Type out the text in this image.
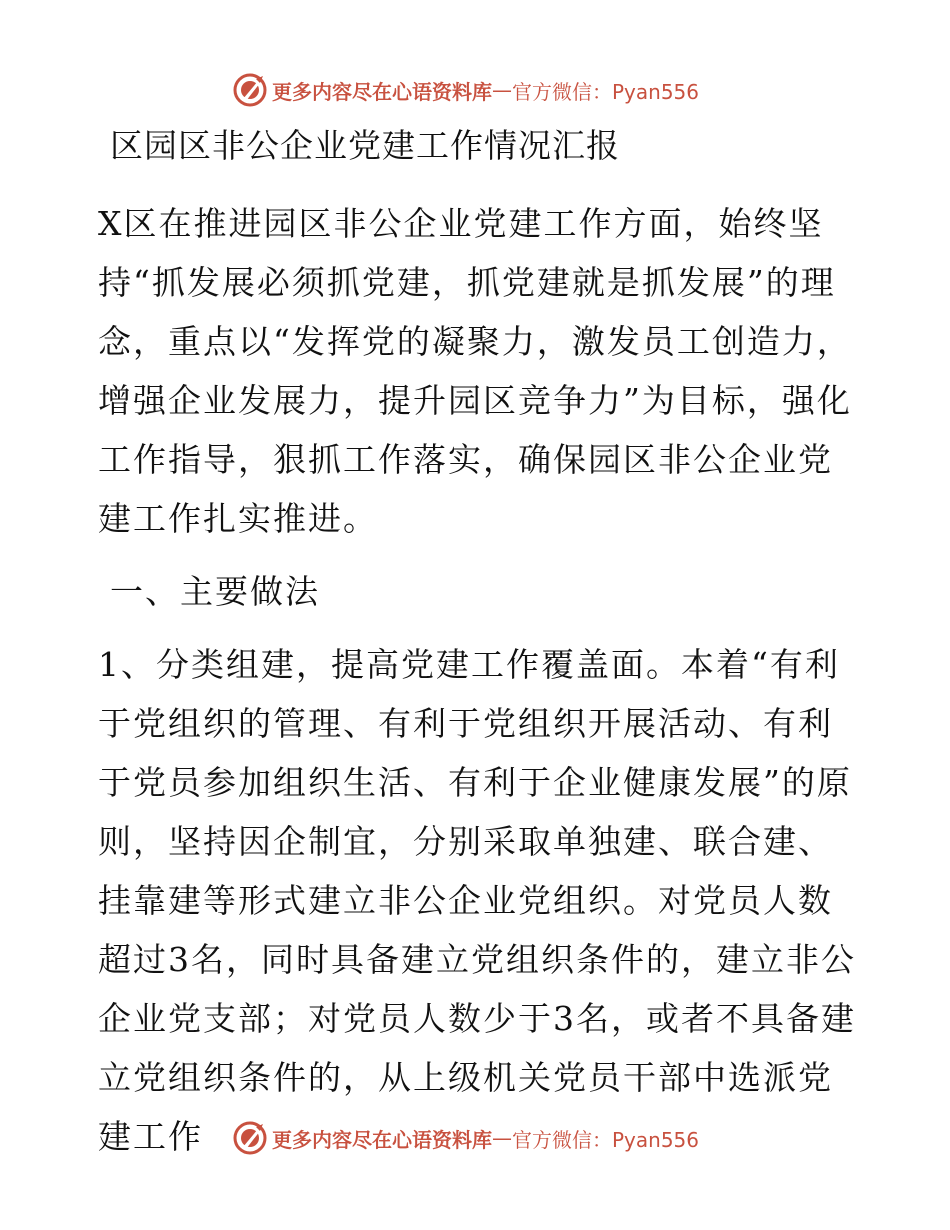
更多内容尽在心语资料库 — 官方微信：Pyan556
区园区非公企业党建工作情况汇报

X区在推进园区非公企业党建工作方面，始终坚持“抓发展必须抓党建，抓党建就是抓发展”的理念，重点以“发挥党的凝聚力，激发员工创造力，增强企业发展力，提升园区竞争力”为目标，强化工作指导，狠抓工作落实，确保园区非公企业党建工作扎实推进。

一、主要做法

1、分类组建，提高党建工作覆盖面。本着“有利于党组织的管理、有利于党组织开展活动、有利于党员参加组织生活、有利于企业健康发展”的原则，坚持因企制宜，分别采取单独建、联合建、挂靠建等形式建立非公企业党组织。对党员人数超过3名，同时具备建立党组织条件的，建立非公企业党支部；对党员人数少于3名，或者不具备建立党组织条件的，从上级机关党员干部中选派党建工作	更多内容尽在心语资料库 — 官方微信：Pyan556
